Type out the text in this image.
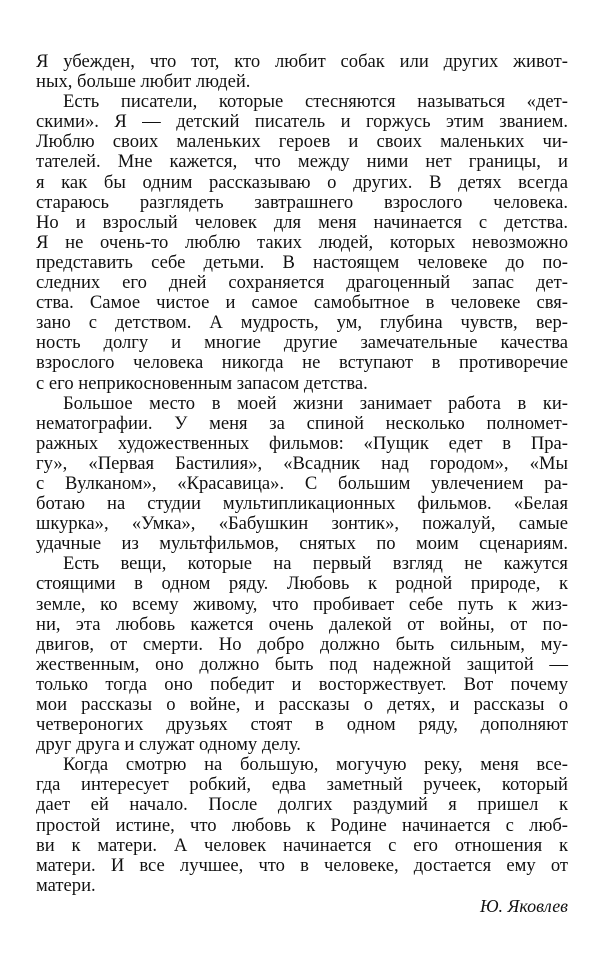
Я убежден, что тот, кто любит собак или других живот-
ных, больше любит людей.
Есть писатели, которые стесняются называться «дет-
скими». Я — детский писатель и горжусь этим званием.
Люблю своих маленьких героев и своих маленьких чи-
тателей. Мне кажется, что между ними нет границы, и
я как бы одним рассказываю о других. В детях всегда
стараюсь разглядеть завтрашнего взрослого человека.
Но и взрослый человек для меня начинается с детства.
Я не очень-то люблю таких людей, которых невозможно
представить себе детьми. В настоящем человеке до по-
следних его дней сохраняется драгоценный запас дет-
ства. Самое чистое и самое самобытное в человеке свя-
зано с детством. А мудрость, ум, глубина чувств, вер-
ность долгу и многие другие замечательные качества
взрослого человека никогда не вступают в противоречие
с его неприкосновенным запасом детства.
Большое место в моей жизни занимает работа в ки-
нематографии. У меня за спиной несколько полномет-
ражных художественных фильмов: «Пущик едет в Пра-
гу», «Первая Бастилия», «Всадник над городом», «Мы
с Вулканом», «Красавица». С большим увлечением ра-
ботаю на студии мультипликационных фильмов. «Белая
шкурка», «Умка», «Бабушкин зонтик», пожалуй, самые
удачные из мультфильмов, снятых по моим сценариям.
Есть вещи, которые на первый взгляд не кажутся
стоящими в одном ряду. Любовь к родной природе, к
земле, ко всему живому, что пробивает себе путь к жиз-
ни, эта любовь кажется очень далекой от войны, от по-
двигов, от смерти. Но добро должно быть сильным, му-
жественным, оно должно быть под надежной защитой —
только тогда оно победит и восторжествует. Вот почему
мои рассказы о войне, и рассказы о детях, и рассказы о
четвероногих друзьях стоят в одном ряду, дополняют
друг друга и служат одному делу.
Когда смотрю на большую, могучую реку, меня все-
гда интересует робкий, едва заметный ручеек, который
дает ей начало. После долгих раздумий я пришел к
простой истине, что любовь к Родине начинается с люб-
ви к матери. А человек начинается с его отношения к
матери. И все лучшее, что в человеке, достается ему от
матери.
Ю. Яковлев
